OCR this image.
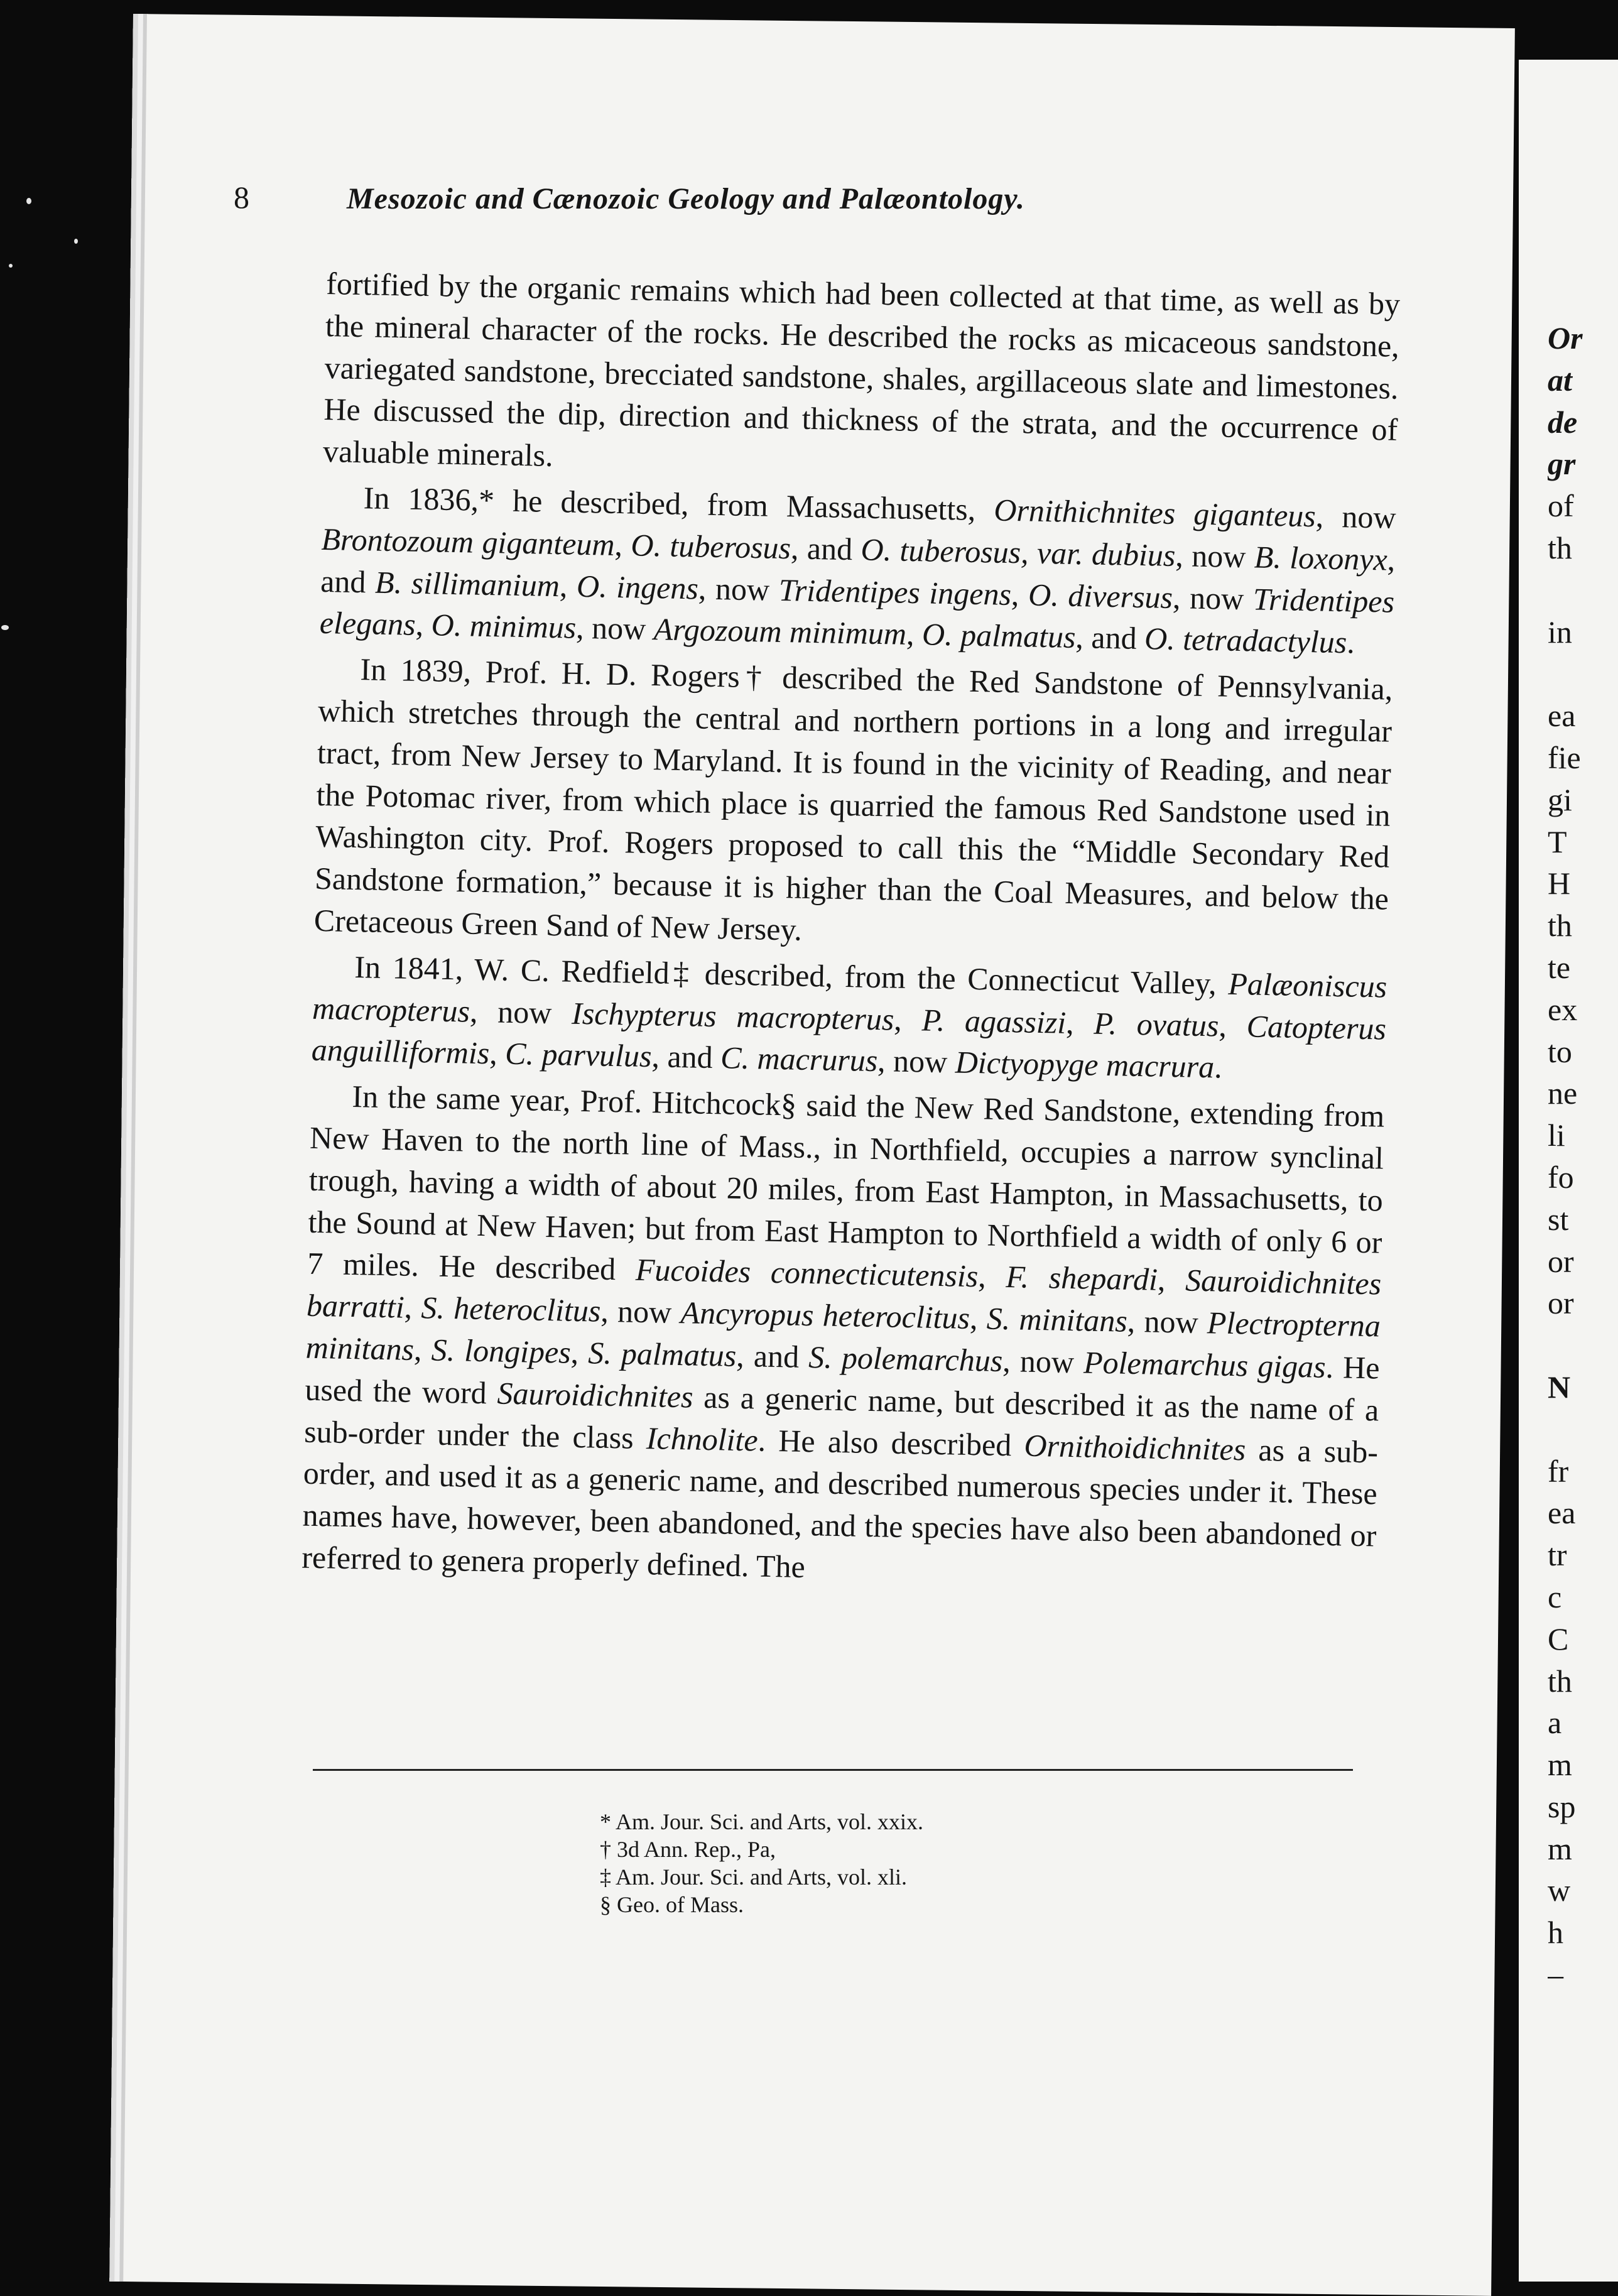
Or
at
de
gr
of
th
in
ea
fie
gi
T
H
th
te
ex
to
ne
li
fo
st
or
or
N
fr
ea
tr
c
C
th
a
m
sp
m
w
h
–
8	Mesozoic and Cænozoic Geology and Palæontology.

fortified by the organic remains which had been collected at that time, as well as by the mineral character of the rocks. He described the rocks as micaceous sandstone, variegated sandstone, brecciated sandstone, shales, argillaceous slate and limestones. He discussed the dip, direction and thickness of the strata, and the occurrence of valuable minerals.

In 1836,* he described, from Massachusetts, Ornithichnites giganteus, now Brontozoum giganteum, O. tuberosus, and O. tuberosus, var. dubius, now B. loxonyx, and B. sillimanium, O. ingens, now Tridentipes ingens, O. diversus, now Tridentipes elegans, O. minimus, now Argozoum minimum, O. palmatus, and O. tetradactylus.

In 1839, Prof. H. D. Rogers† described the Red Sandstone of Pennsylvania, which stretches through the central and northern portions in a long and irregular tract, from New Jersey to Maryland. It is found in the vicinity of Reading, and near the Potomac river, from which place is quarried the famous Red Sandstone used in Washington city. Prof. Rogers proposed to call this the “Middle Secondary Red Sandstone formation,” because it is higher than the Coal Measures, and below the Cretaceous Green Sand of New Jersey.

In 1841, W. C. Redfield‡ described, from the Connecticut Valley, Palæoniscus macropterus, now Ischypterus macropterus, P. agassizi, P. ovatus, Catopterus anguilliformis, C. parvulus, and C. macrurus, now Dictyopyge macrura.

In the same year, Prof. Hitchcock§ said the New Red Sandstone, extending from New Haven to the north line of Mass., in Northfield, occupies a narrow synclinal trough, having a width of about 20 miles, from East Hampton, in Massachusetts, to the Sound at New Haven; but from East Hampton to Northfield a width of only 6 or 7 miles. He described Fucoides connecticutensis, F. shepardi, Sauroidichnites barratti, S. heteroclitus, now Ancyropus heteroclitus, S. minitans, now Plectropterna minitans, S. longipes, S. palmatus, and S. polemarchus, now Polemarchus gigas. He used the word Sauroidichnites as a generic name, but described it as the name of a sub-order under the class Ichnolite. He also described Ornithoidichnites as a sub-order, and used it as a generic name, and described numerous species under it. These names have, however, been abandoned, and the species have also been abandoned or referred to genera properly defined. The

* Am. Jour. Sci. and Arts, vol. xxix.
† 3d Ann. Rep., Pa,
‡ Am. Jour. Sci. and Arts, vol. xli.
§ Geo. of Mass.
